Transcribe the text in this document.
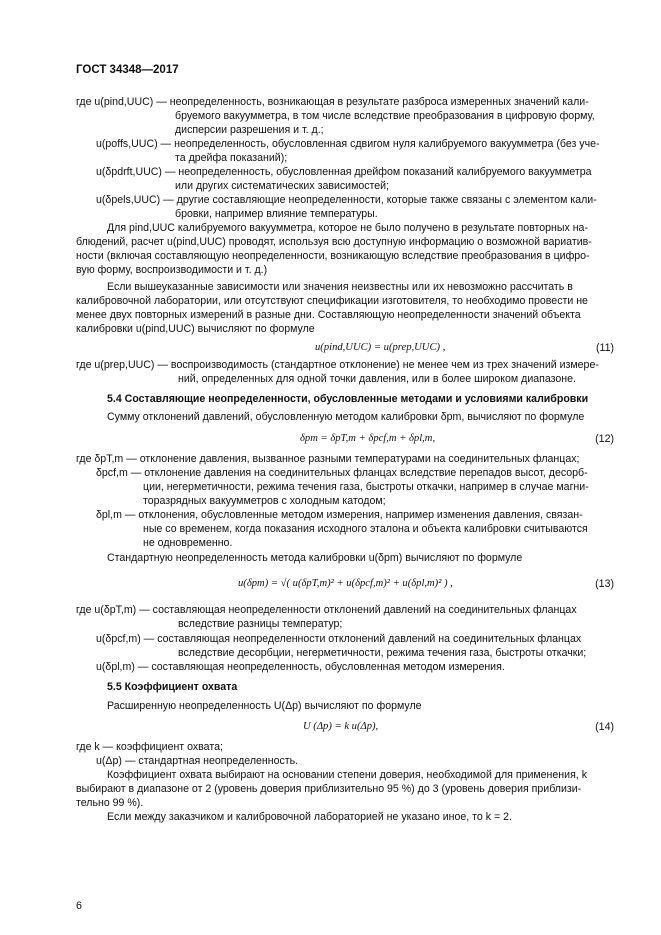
ГОСТ 34348—2017
где u(pind,UUC) — неопределенность, возникающая в результате разброса измеренных значений кали-
бруемого вакуумметра, в том числе вследствие преобразования в цифровую форму,
дисперсии разрешения и т. д.;
u(poffs,UUC) — неопределенность, обусловленная сдвигом нуля калибруемого вакуумметра (без уче-
та дрейфа показаний);
u(δpdrft,UUC) — неопределенность, обусловленная дрейфом показаний калибруемого вакуумметра
или других систематических зависимостей;
u(δpels,UUC) — другие составляющие неопределенности, которые также связаны с элементом кали-
бровки, например влияние температуры.
Для pind,UUC калибруемого вакуумметра, которое не было получено в результате повторных на-
блюдений, расчет u(pind,UUC) проводят, используя всю доступную информацию о возможной вариатив-
ности (включая составляющую неопределенности, возникающую вследствие преобразования в цифро-
вую форму, воспроизводимости и т. д.)
Если вышеуказанные зависимости или значения неизвестны или их невозможно рассчитать в
калибровочной лаборатории, или отсутствуют спецификации изготовителя, то необходимо провести не
менее двух повторных измерений в разные дни. Составляющую неопределенности значений объекта
калибровки u(pind,UUC) вычисляют по формуле
u(pind,UUC) = u(prep,UUC) ,	(11)
где u(prep,UUC) — воспроизводимость (стандартное отклонение) не менее чем из трех значений измере-
ний, определенных для одной точки давления, или в более широком диапазоне.
5.4 Составляющие неопределенности, обусловленные методами и условиями калибровки
Сумму отклонений давлений, обусловленную методом калибровки δpm, вычисляют по формуле
δpm = δpT,m + δpcf,m + δpl,m,	(12)
где δpT,m — отклонение давления, вызванное разными температурами на соединительных фланцах;
δpcf,m — отклонение давления на соединительных фланцах вследствие перепадов высот, десорб-
ции, негерметичности, режима течения газа, быстроты откачки, например в случае магни-
торазрядных вакуумметров с холодным катодом;
δpl,m — отклонения, обусловленные методом измерения, например изменения давления, связан-
ные со временем, когда показания исходного эталона и объекта калибровки считываются
не одновременно.
Стандартную неопределенность метода калибровки u(δpm) вычисляют по формуле
u(δpm) = √( u(δpT,m)² + u(δpcf,m)² + u(δpl,m)² ) ,	(13)
где u(δpT,m) — составляющая неопределенности отклонений давлений на соединительных фланцах
вследствие разницы температур;
u(δpcf,m) — составляющая неопределенности отклонений давлений на соединительных фланцах
вследствие десорбции, негерметичности, режима течения газа, быстроты откачки;
u(δpl,m) — составляющая неопределенность, обусловленная методом измерения.
5.5 Коэффициент охвата
Расширенную неопределенность U(Δp) вычисляют по формуле
U (Δp) = k u(Δp),	(14)
где k — коэффициент охвата;
u(Δp) — стандартная неопределенность.
Коэффициент охвата выбирают на основании степени доверия, необходимой для применения, k
выбирают в диапазоне от 2 (уровень доверия приблизительно 95 %) до 3 (уровень доверия приблизи-
тельно 99 %).
Если между заказчиком и калибровочной лабораторией не указано иное, то k = 2.
6
